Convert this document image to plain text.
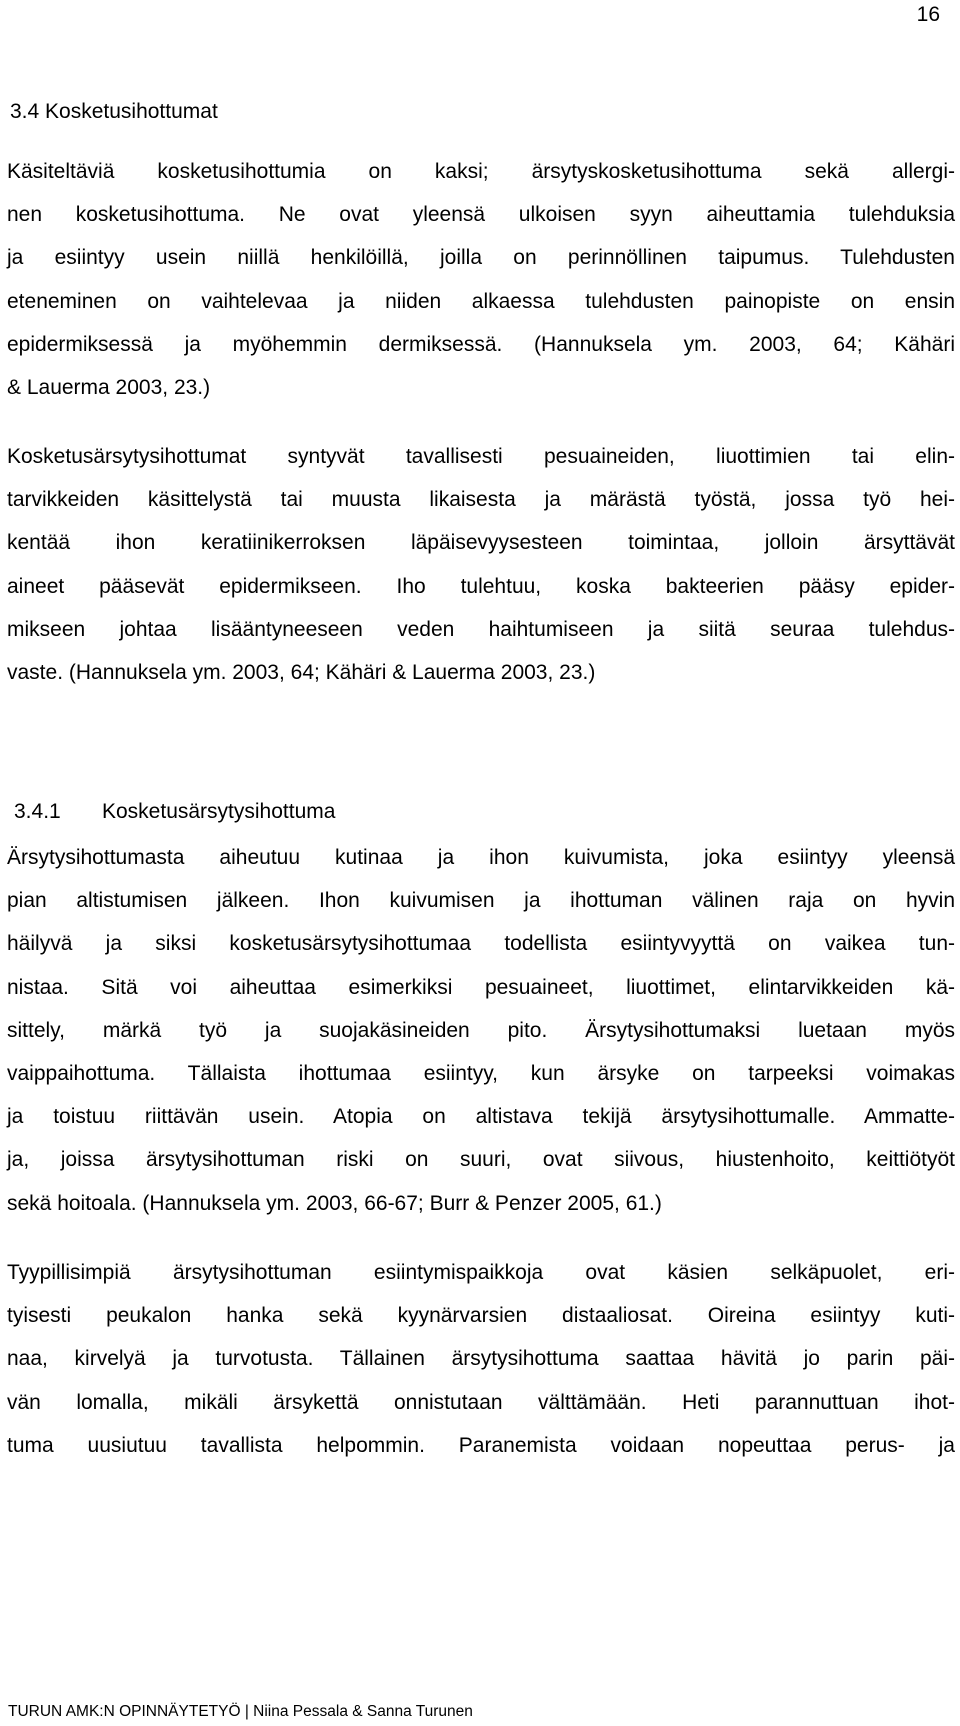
16
3.4 Kosketusihottumat
Käsiteltäviä kosketusihottumia on kaksi; ärsytyskosketusihottuma sekä allergi-
nen kosketusihottuma. Ne ovat yleensä ulkoisen syyn aiheuttamia tulehduksia
ja esiintyy usein niillä henkilöillä, joilla on perinnöllinen taipumus. Tulehdusten
eteneminen on vaihtelevaa ja niiden alkaessa tulehdusten painopiste on ensin
epidermiksessä ja myöhemmin dermiksessä. (Hannuksela ym. 2003, 64; Kähäri
& Lauerma 2003, 23.)
Kosketusärsytysihottumat syntyvät tavallisesti pesuaineiden, liuottimien tai elin-
tarvikkeiden käsittelystä tai muusta likaisesta ja märästä työstä, jossa työ hei-
kentää ihon keratiinikerroksen läpäisevyysesteen toimintaa, jolloin ärsyttävät
aineet pääsevät epidermikseen. Iho tulehtuu, koska bakteerien pääsy epider-
mikseen johtaa lisääntyneeseen veden haihtumiseen ja siitä seuraa tulehdus-
vaste. (Hannuksela ym. 2003, 64; Kähäri & Lauerma 2003, 23.)
3.4.1 Kosketusärsytysihottuma
Ärsytysihottumasta aiheutuu kutinaa ja ihon kuivumista, joka esiintyy yleensä
pian altistumisen jälkeen. Ihon kuivumisen ja ihottuman välinen raja on hyvin
häilyvä ja siksi kosketusärsytysihottumaa todellista esiintyvyyttä on vaikea tun-
nistaa. Sitä voi aiheuttaa esimerkiksi pesuaineet, liuottimet, elintarvikkeiden kä-
sittely, märkä työ ja suojakäsineiden pito. Ärsytysihottumaksi luetaan myös
vaippaihottuma. Tällaista ihottumaa esiintyy, kun ärsyke on tarpeeksi voimakas
ja toistuu riittävän usein. Atopia on altistava tekijä ärsytysihottumalle. Ammatte-
ja, joissa ärsytysihottuman riski on suuri, ovat siivous, hiustenhoito, keittiötyöt
sekä hoitoala. (Hannuksela ym. 2003, 66-67; Burr & Penzer 2005, 61.)
Tyypillisimpiä ärsytysihottuman esiintymispaikkoja ovat käsien selkäpuolet, eri-
tyisesti peukalon hanka sekä kyynärvarsien distaaliosat. Oireina esiintyy kuti-
naa, kirvelyä ja turvotusta. Tällainen ärsytysihottuma saattaa hävitä jo parin päi-
vän lomalla, mikäli ärsykettä onnistutaan välttämään. Heti parannuttuan ihot-
tuma uusiutuu tavallista helpommin. Paranemista voidaan nopeuttaa perus- ja
TURUN AMK:N OPINNÄYTETYÖ | Niina Pessala & Sanna Turunen
